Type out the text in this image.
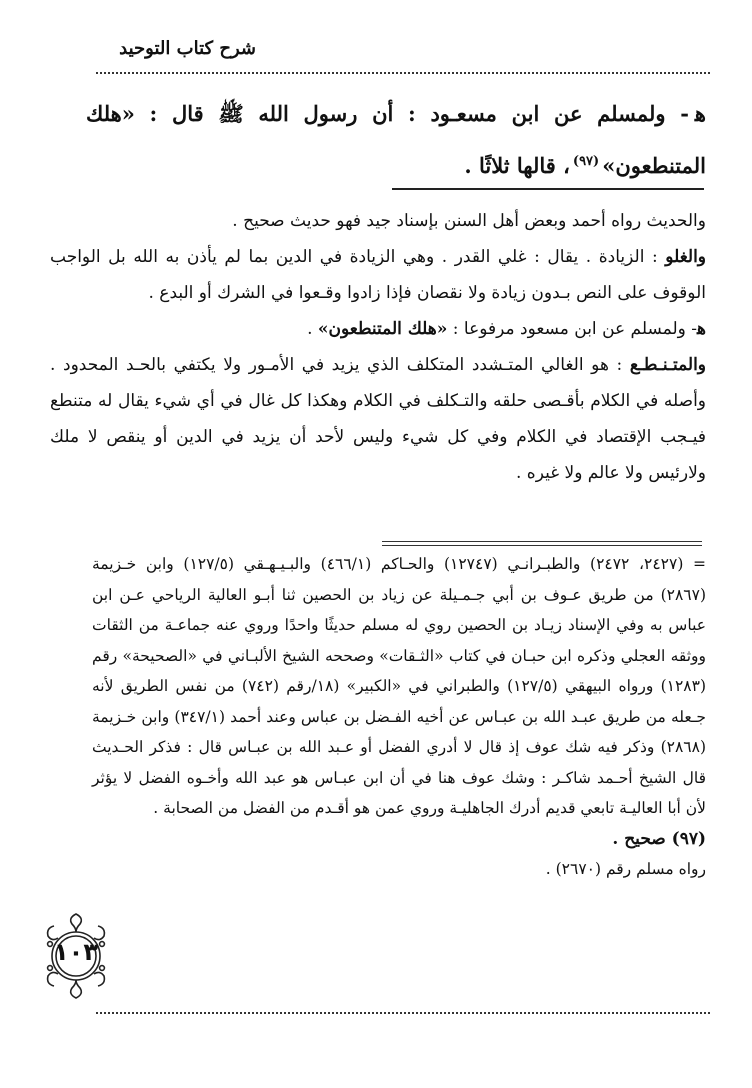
شرح كتاب التوحيد
ﻫ- ولمسلم عن ابن مسعـود : أن رسول الله ﷺ قال : «هلك المتنطعون»$^{(٩٧)}$، قالها ثلاثًا .

والحديث رواه أحمد وبعض أهل السنن بإسناد جيد فهو حديث صحيح .

والغلو : الزيادة . يقال : غلي القدر . وهي الزيادة في الدين بما لم يأذن به الله بل الواجب الوقوف على النص بـدون زيادة ولا نقصان فإذا زادوا وقـعوا في الشرك أو البدع .

ﻫ- ولمسلم عن ابن مسعود مرفوعا : «هلك المتنطعون» .

والمتـنـطـع : هو الغالي المتـشدد المتكلف الذي يزيد في الأمـور ولا يكتفي بالحـد المحدود . وأصله في الكلام بأقـصى حلقه والتـكلف في الكلام وهكذا كل غال في أي شيء يقال له متنطع فيـجب الإقتصاد في الكلام وفي كل شيء وليس لأحد أن يزيد في الدين أو ينقص لا ملك ولارئيس ولا عالم ولا غيره .

= (٢٤٢٧، ٢٤٧٢) والطبـرانـي (١٢٧٤٧) والحـاكم (٤٦٦/١) والبـيـهـقي (١٢٧/٥) وابن خـزيمة (٢٨٦٧) من طريق عـوف بن أبي جـمـيلة عن زياد بن الحصين ثنا أبـو العالية الرياحي عـن ابن عباس به وفي الإسناد زيـاد بن الحصين روي له مسلم حديثًا واحدًا وروي عنه جماعـة من الثقات ووثقه العجلي وذكره ابن حبـان في كتاب «الثـقات» وصححه الشيخ الألبـاني في «الصحيحة» رقم (١٢٨٣) ورواه البيهقي (١٢٧/٥) والطبراني في «الكبير» (١٨/رقم (٧٤٢) من نفس الطريق لأنه جـعله من طريق عبـد الله بن عبـاس عن أخيه الفـضل بن عباس وعند أحمد (٣٤٧/١) وابن خـزيمة (٢٨٦٨) وذكر فيه شك عوف إذ قال لا أدري الفضل أو عـبد الله بن عبـاس قال : فذكر الحـديث قال الشيخ أحـمد شاكـر : وشك عوف هنا في أن ابن عبـاس هو عبد الله وأخـوه الفضل لا يؤثر لأن أبا العاليـة تابعي قديم أدرك الجاهليـة وروي عمن هو أقـدم من الفضل من الصحابة .

(٩٧) صحيح .

رواه مسلم رقم (٢٦٧٠) .

١٠٣
